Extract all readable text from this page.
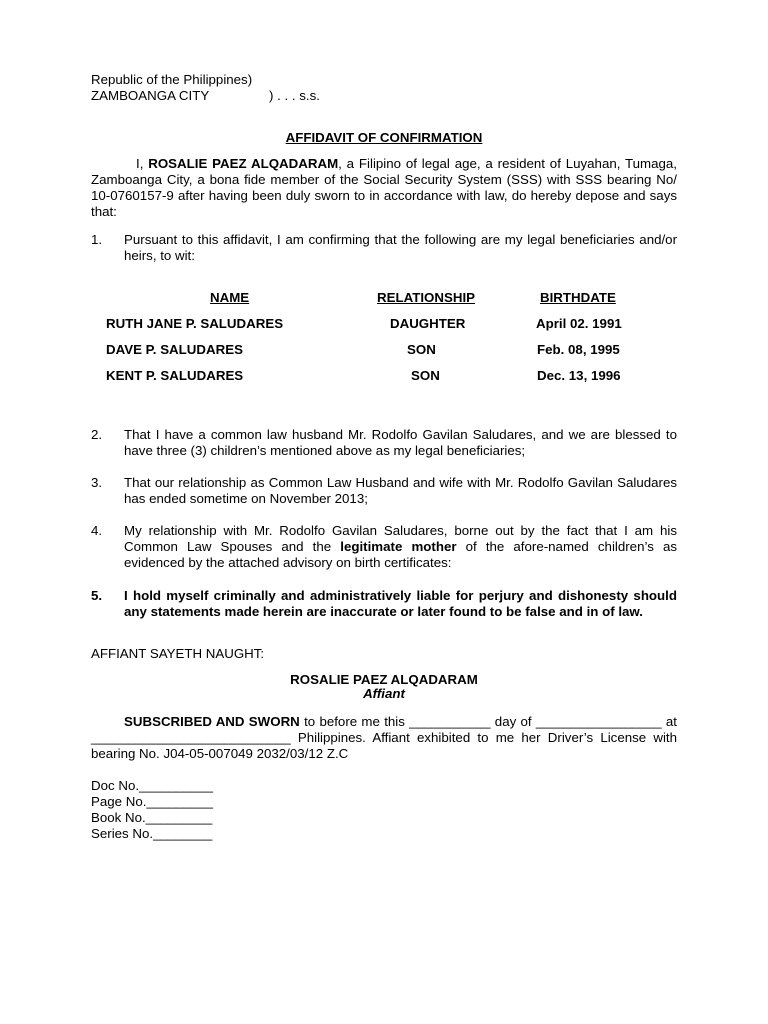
Republic of the Philippines)
ZAMBOANGA CITY	) . . . s.s.
AFFIDAVIT OF CONFIRMATION
I, ROSALIE PAEZ ALQADARAM, a Filipino of legal age, a resident of Luyahan, Tumaga, Zamboanga City, a bona fide member of the Social Security System (SSS) with SSS bearing No/ 10-0760157-9 after having been duly sworn to in accordance with law, do hereby depose and says that:
1. Pursuant to this affidavit, I am confirming that the following are my legal beneficiaries and/or heirs, to wit:
NAME	RELATIONSHIP	BIRTHDATE
RUTH JANE P. SALUDARES	DAUGHTER	April 02. 1991
DAVE P. SALUDARES	SON	Feb. 08, 1995
KENT P. SALUDARES	SON	Dec. 13, 1996
2. That I have a common law husband Mr. Rodolfo Gavilan Saludares, and we are blessed to have three (3) children’s mentioned above as my legal beneficiaries;
3. That our relationship as Common Law Husband and wife with Mr. Rodolfo Gavilan Saludares has ended sometime on November 2013;
4. My relationship with Mr. Rodolfo Gavilan Saludares, borne out by the fact that I am his Common Law Spouses and the legitimate mother of the afore-named children’s as evidenced by the attached advisory on birth certificates:
5. I hold myself criminally and administratively liable for perjury and dishonesty should any statements made herein are inaccurate or later found to be false and in of law.
AFFIANT SAYETH NAUGHT:
ROSALIE PAEZ ALQADARAM
Affiant
SUBSCRIBED AND SWORN to before me this ___________ day of _________________ at ___________________________ Philippines. Affiant exhibited to me her Driver’s License with bearing No. J04-05-007049 2032/03/12 Z.C
Doc No.__________
Page No._________
Book No._________
Series No.________
